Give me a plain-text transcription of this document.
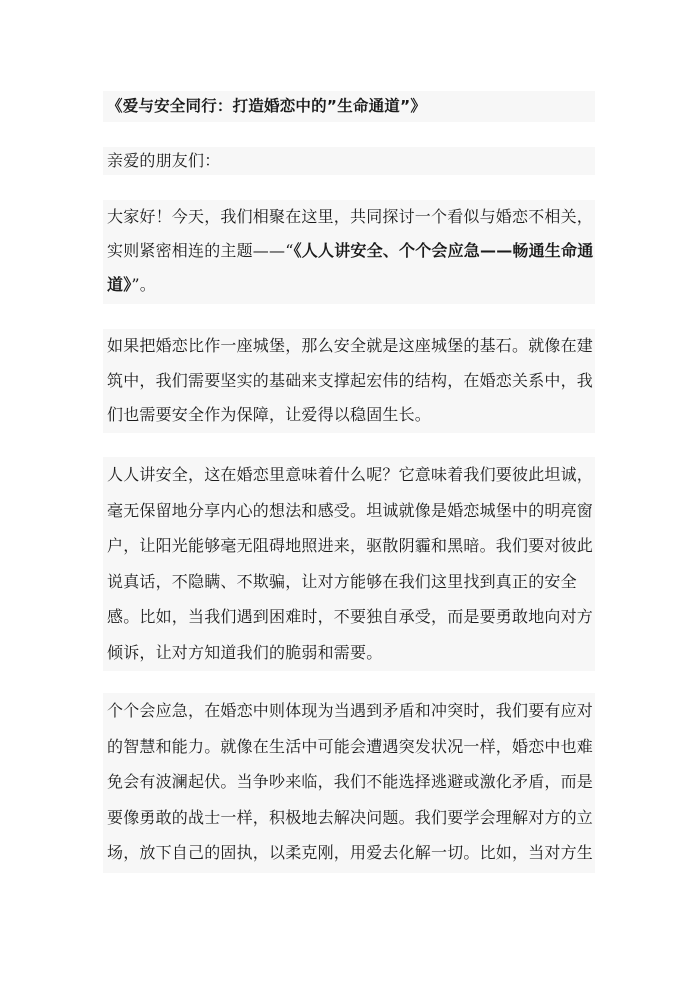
《爱与安全同行：打造婚恋中的”生命通道”》
亲爱的朋友们：
大家好！今天，我们相聚在这里，共同探讨一个看似与婚恋不相关，
实则紧密相连的主题——“《人人讲安全、个个会应急——畅通生命通
道》”。
如果把婚恋比作一座城堡，那么安全就是这座城堡的基石。就像在建
筑中，我们需要坚实的基础来支撑起宏伟的结构，在婚恋关系中，我
们也需要安全作为保障，让爱得以稳固生长。
人人讲安全，这在婚恋里意味着什么呢？它意味着我们要彼此坦诚，
毫无保留地分享内心的想法和感受。坦诚就像是婚恋城堡中的明亮窗
户，让阳光能够毫无阻碍地照进来，驱散阴霾和黑暗。我们要对彼此
说真话，不隐瞒、不欺骗，让对方能够在我们这里找到真正的安全
感。比如，当我们遇到困难时，不要独自承受，而是要勇敢地向对方
倾诉，让对方知道我们的脆弱和需要。
个个会应急，在婚恋中则体现为当遇到矛盾和冲突时，我们要有应对
的智慧和能力。就像在生活中可能会遭遇突发状况一样，婚恋中也难
免会有波澜起伏。当争吵来临，我们不能选择逃避或激化矛盾，而是
要像勇敢的战士一样，积极地去解决问题。我们要学会理解对方的立
场，放下自己的固执，以柔克刚，用爱去化解一切。比如，当对方生
